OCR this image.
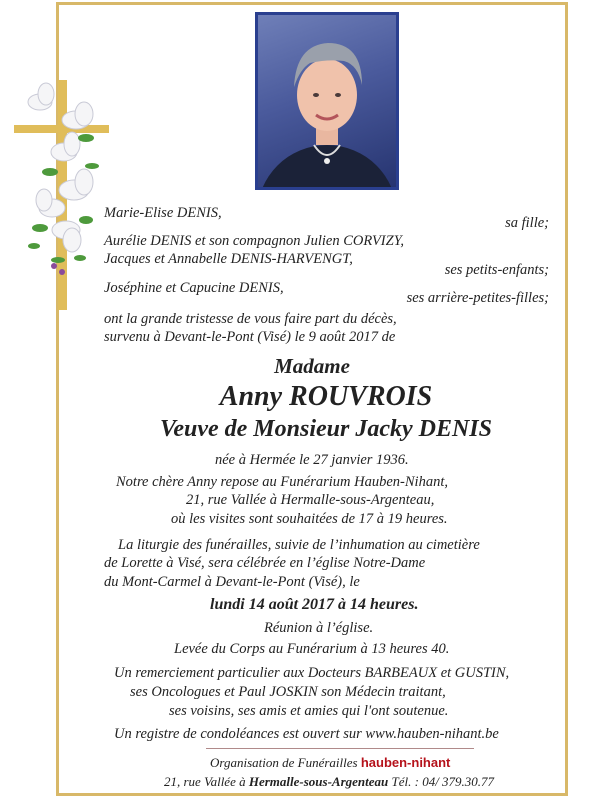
Marie-Elise DENIS,
sa fille;
Aurélie DENIS et son compagnon Julien CORVIZY,
Jacques et Annabelle DENIS-HARVENGT,
ses petits-enfants;
Joséphine et Capucine DENIS,
ses arrière-petites-filles;
ont la grande tristesse de vous faire part du décès,
survenu à Devant-le-Pont (Visé) le 9 août 2017 de
Madame
Anny ROUVROIS
Veuve de Monsieur Jacky DENIS
née à Hermée le 27 janvier 1936.
Notre chère Anny repose au Funérarium Hauben-Nihant,
21, rue Vallée à Hermalle-sous-Argenteau,
où les visites sont souhaitées de 17 à 19 heures.
La liturgie des funérailles, suivie de l’inhumation au cimetière
de Lorette à Visé, sera célébrée en l’église Notre-Dame
du Mont-Carmel à Devant-le-Pont (Visé), le
lundi 14 août 2017 à 14 heures.
Réunion à l’église.
Levée du Corps au Funérarium à 13 heures 40.
Un remerciement particulier aux Docteurs BARBEAUX et GUSTIN,
ses Oncologues et Paul JOSKIN son Médecin traitant,
ses voisins, ses amis et amies qui l'ont soutenue.
Un registre de condoléances est ouvert sur www.hauben-nihant.be
Organisation de Funérailles hauben-nihant
21, rue Vallée à Hermalle-sous-Argenteau Tél. : 04/ 379.30.77
